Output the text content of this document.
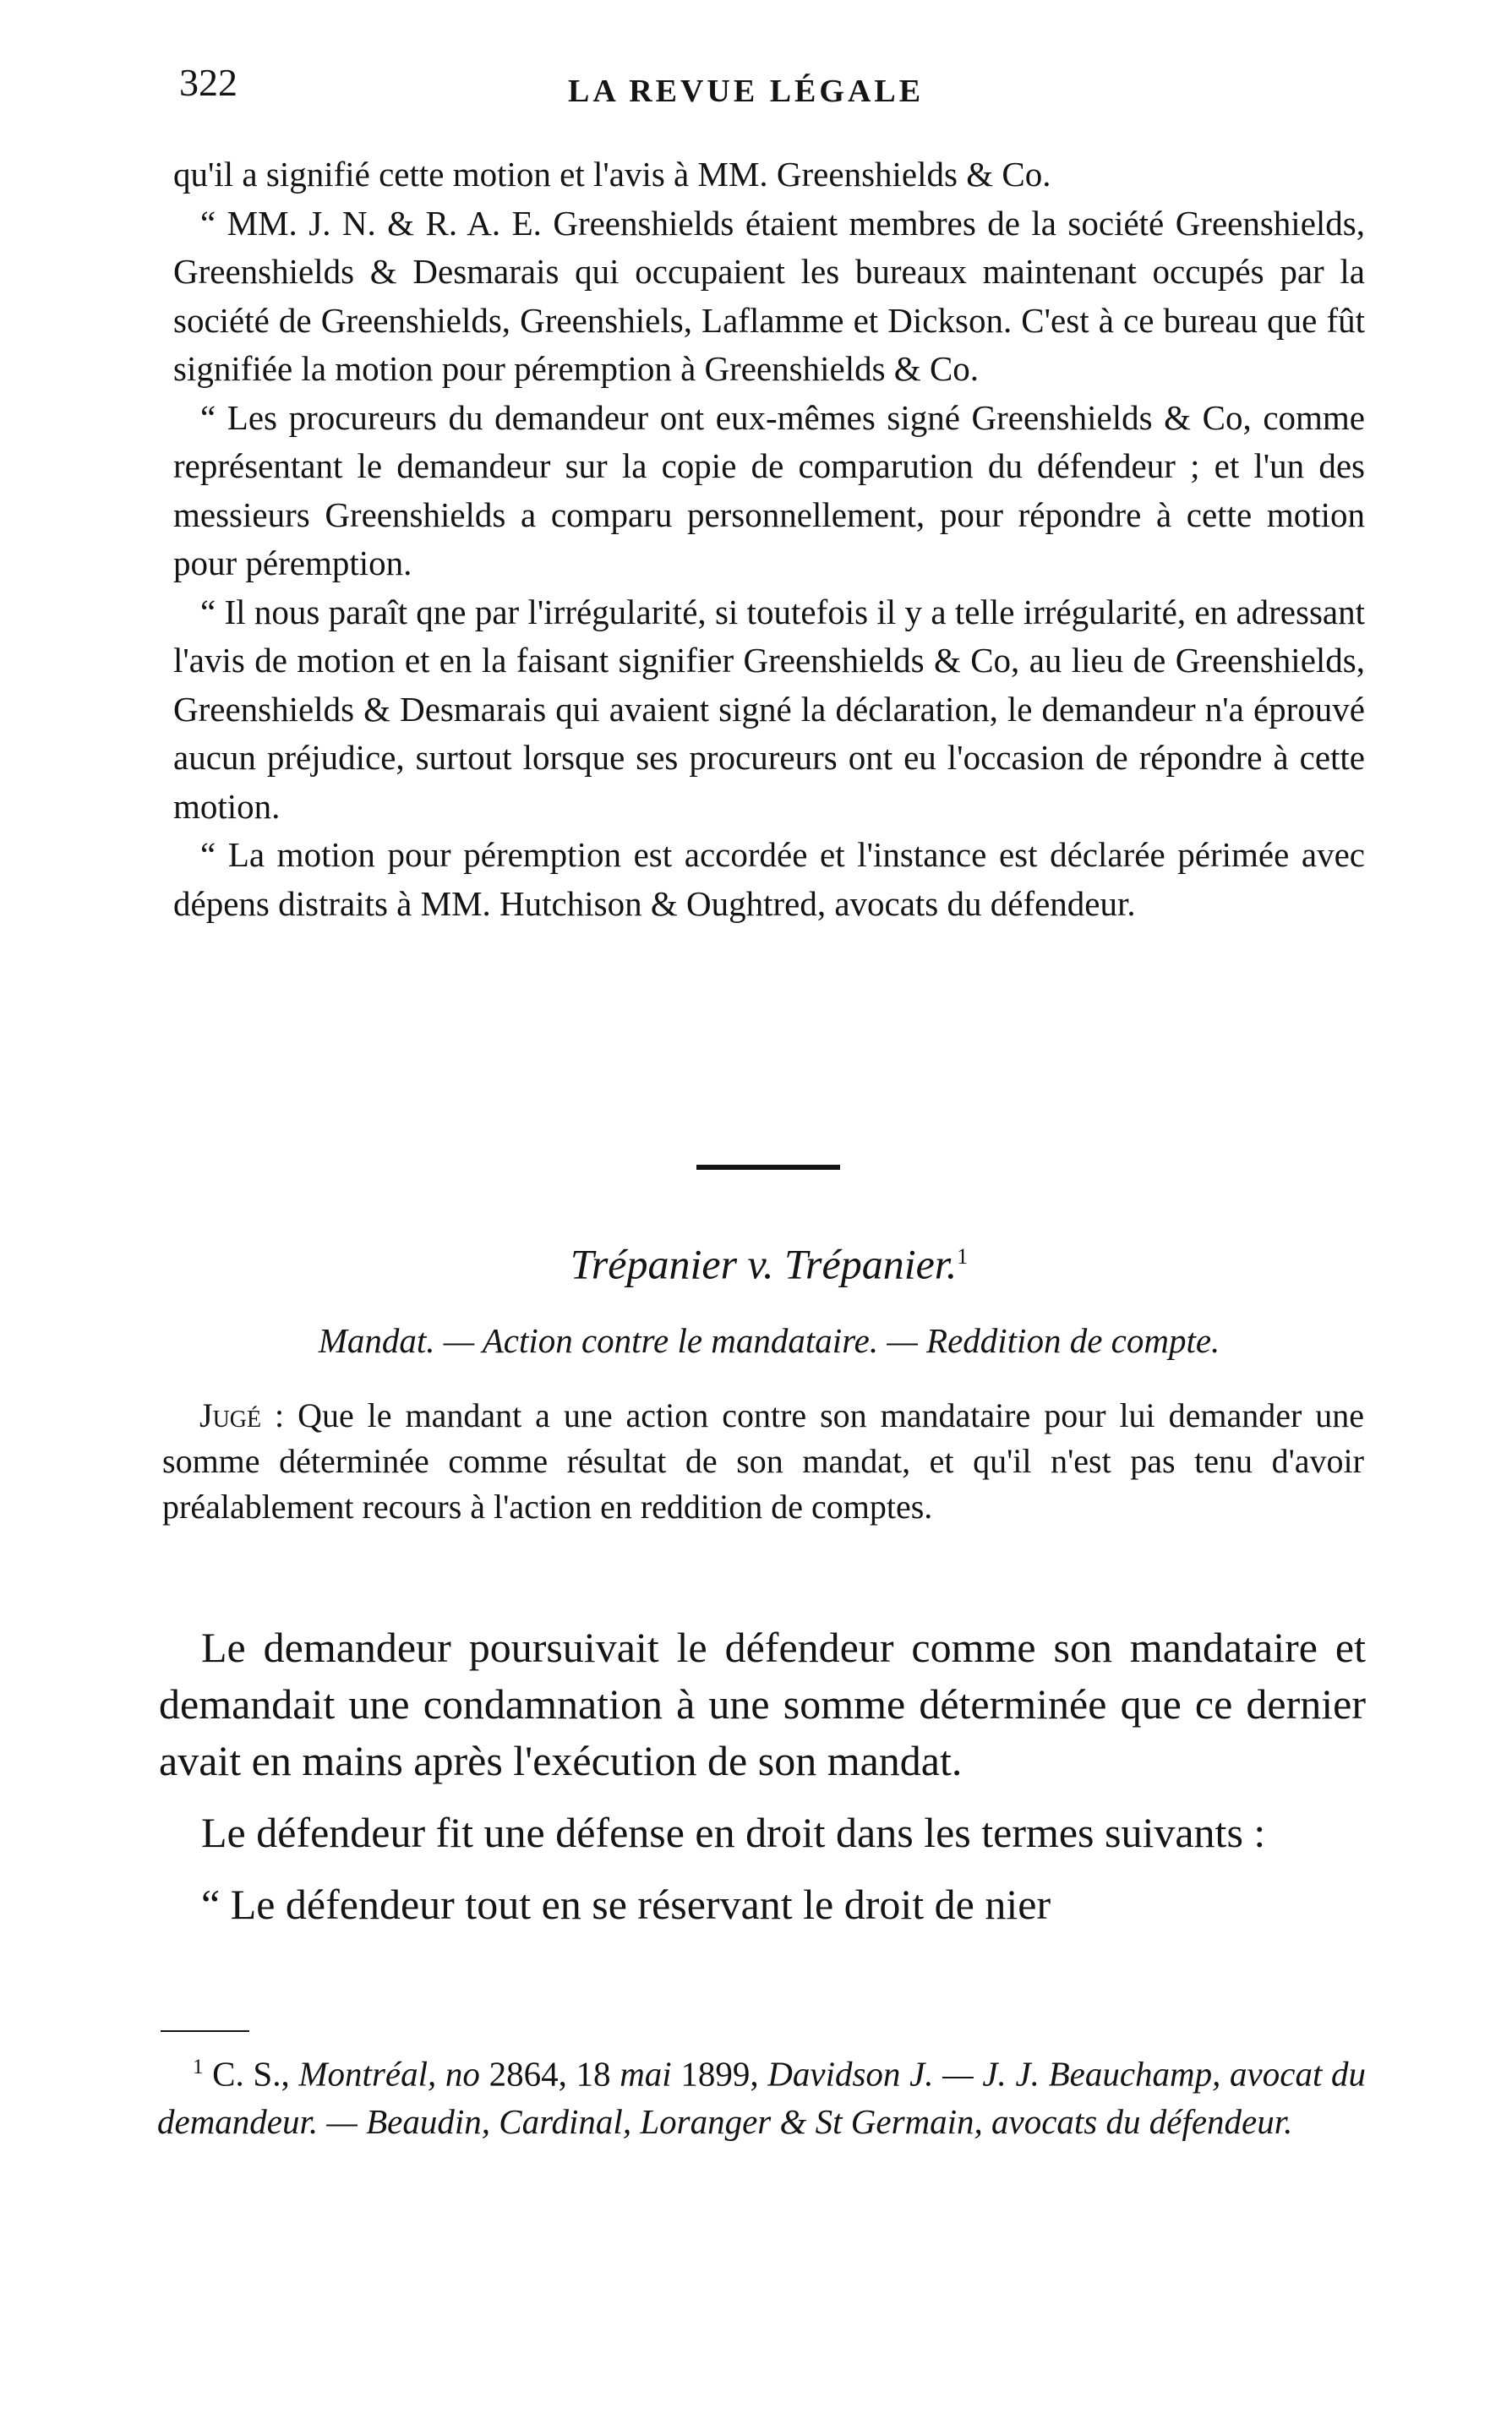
322	LA REVUE LÉGALE

qu'il a signifié cette motion et l'avis à MM. Greenshields & Co.

“ MM. J. N. & R. A. E. Greenshields étaient membres de la société Greenshields, Greenshields & Desmarais qui occupaient les bureaux maintenant occupés par la société de Greenshields, Greenshiels, Laflamme et Dickson. C'est à ce bureau que fût signifiée la motion pour péremption à Greenshields & Co.

“ Les procureurs du demandeur ont eux-mêmes signé Greenshields & Co, comme représentant le demandeur sur la copie de comparution du défendeur ; et l'un des messieurs Greenshields a comparu personnellement, pour répondre à cette motion pour péremption.

“ Il nous paraît qne par l'irrégularité, si toutefois il y a telle irrégularité, en adressant l'avis de motion et en la faisant signifier Greenshields & Co, au lieu de Greenshields, Greenshields & Desmarais qui avaient signé la déclaration, le demandeur n'a éprouvé aucun préjudice, surtout lorsque ses procureurs ont eu l'occasion de répondre à cette motion.

“ La motion pour péremption est accordée et l'instance est déclarée périmée avec dépens distraits à MM. Hutchison & Oughtred, avocats du défendeur.

Trépanier v. Trépanier.$^1$
Mandat. — Action contre le mandataire. — Reddition de compte.
Jugé : Que le mandant a une action contre son mandataire pour lui demander une somme déterminée comme résultat de son mandat, et qu'il n'est pas tenu d'avoir préalablement recours à l'action en reddition de comptes.

Le demandeur poursuivait le défendeur comme son mandataire et demandait une condamnation à une somme déterminée que ce dernier avait en mains après l'exécution de son mandat.

Le défendeur fit une défense en droit dans les termes suivants :

“ Le défendeur tout en se réservant le droit de nier

$^1$ C. S., Montréal, no 2864, 18 mai 1899, Davidson J. — J. J. Beauchamp, avocat du demandeur. — Beaudin, Cardinal, Loranger & St Germain, avocats du défendeur.
